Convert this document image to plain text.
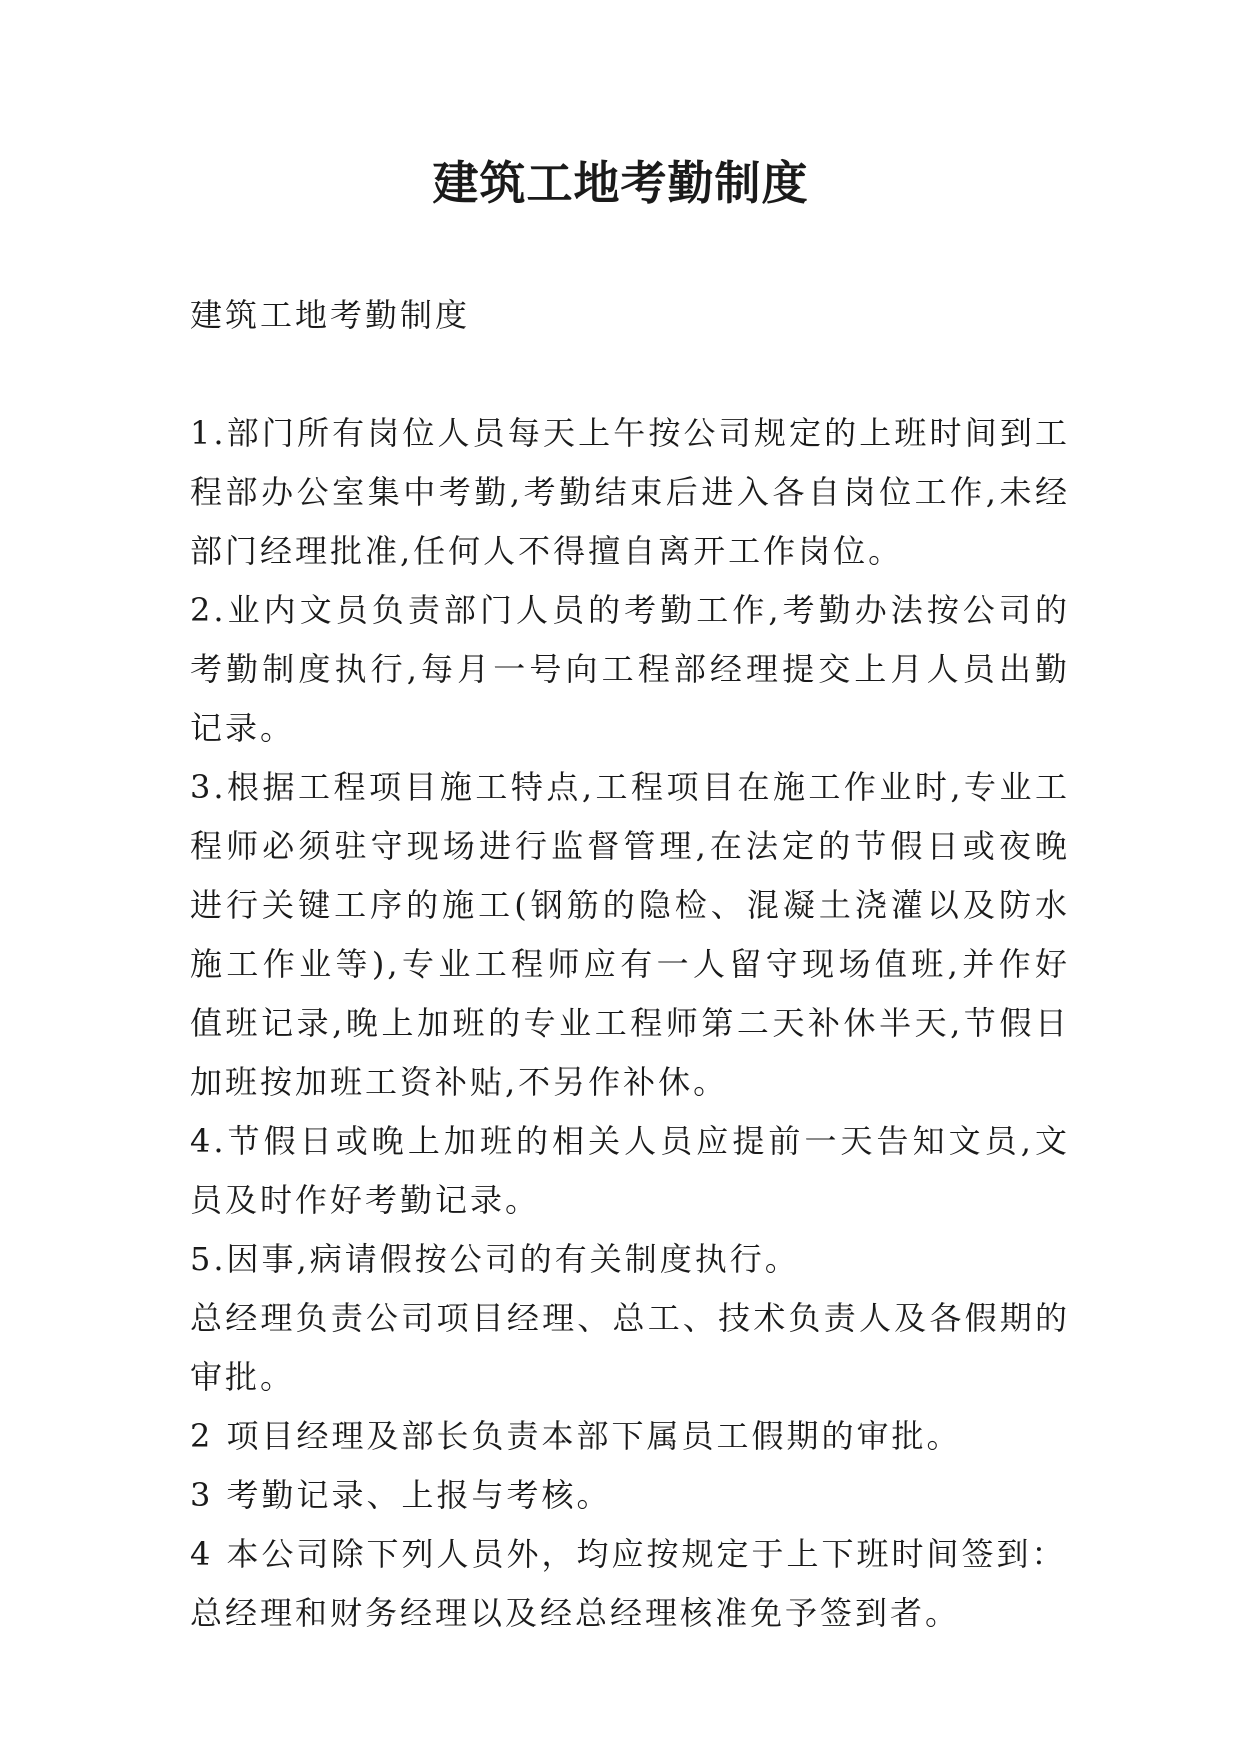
建筑工地考勤制度

建筑工地考勤制度

1.部门所有岗位人员每天上午按公司规定的上班时间到工程部办公室集中考勤,考勤结束后进入各自岗位工作,未经部门经理批准,任何人不得擅自离开工作岗位。

2.业内文员负责部门人员的考勤工作,考勤办法按公司的考勤制度执行,每月一号向工程部经理提交上月人员出勤记录。

3.根据工程项目施工特点,工程项目在施工作业时,专业工程师必须驻守现场进行监督管理,在法定的节假日或夜晚进行关键工序的施工(钢筋的隐检、混凝土浇灌以及防水施工作业等),专业工程师应有一人留守现场值班,并作好值班记录,晚上加班的专业工程师第二天补休半天,节假日加班按加班工资补贴,不另作补休。

4.节假日或晚上加班的相关人员应提前一天告知文员,文员及时作好考勤记录。

5.因事,病请假按公司的有关制度执行。

总经理负责公司项目经理、总工、技术负责人及各假期的审批。

2 项目经理及部长负责本部下属员工假期的审批。

3 考勤记录、上报与考核。

4 本公司除下列人员外，均应按规定于上下班时间签到：

总经理和财务经理以及经总经理核准免予签到者。
